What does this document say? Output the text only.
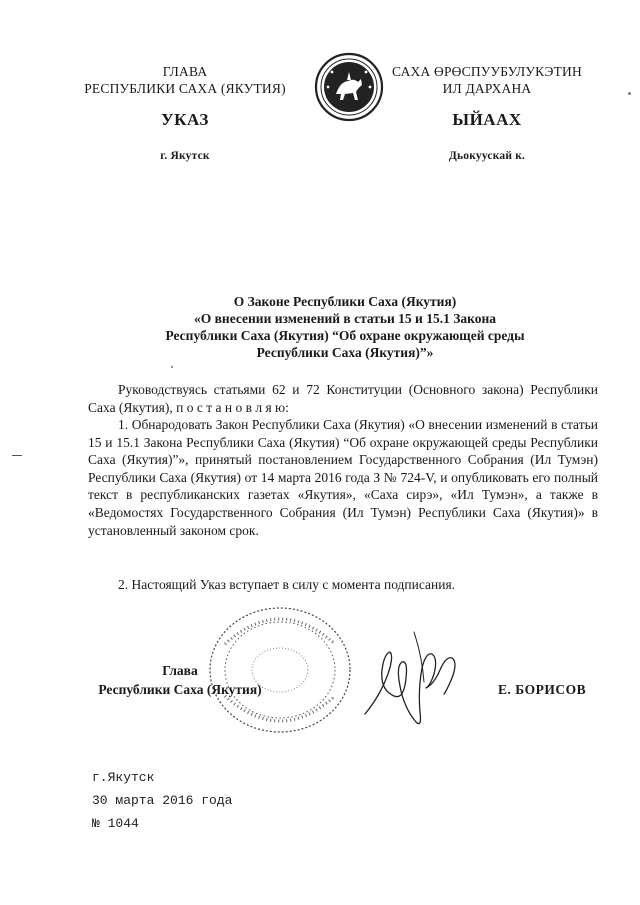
ГЛАВА
РЕСПУБЛИКИ САХА (ЯКУТИЯ)
УКАЗ
г. Якутск
САХА ӨРӨСПУУБУЛУКЭТИН
ИЛ ДАРХАНА
ЫЙААХ
Дьокуускай к.
О Законе Республики Саха (Якутия)
«О внесении изменений в статьи 15 и 15.1 Закона
Республики Саха (Якутия) “Об охране окружающей среды
Республики Саха (Якутия)”»
Руководствуясь статьями 62 и 72 Конституции (Основного закона) Республики Саха (Якутия), п о с т а н о в л я ю:
1. Обнародовать Закон Республики Саха (Якутия) «О внесении изменений в статьи 15 и 15.1 Закона Республики Саха (Якутия) “Об охране окружающей среды Республики Саха (Якутия)”», принятый постановлением Государственного Собрания (Ил Тумэн) Республики Саха (Якутия) от 14 марта 2016 года З № 724-V, и опубликовать его полный текст в республиканских газетах «Якутия», «Саха сирэ», «Ил Тумэн», а также в «Ведомостях Государственного Собрания (Ил Тумэн) Республики Саха (Якутия)» в установленный законом срок.
2. Настоящий Указ вступает в силу с момента подписания.
Глава
Республики Саха (Якутия)	Е. БОРИСОВ
г.Якутск
30 марта 2016 года
№ 1044
